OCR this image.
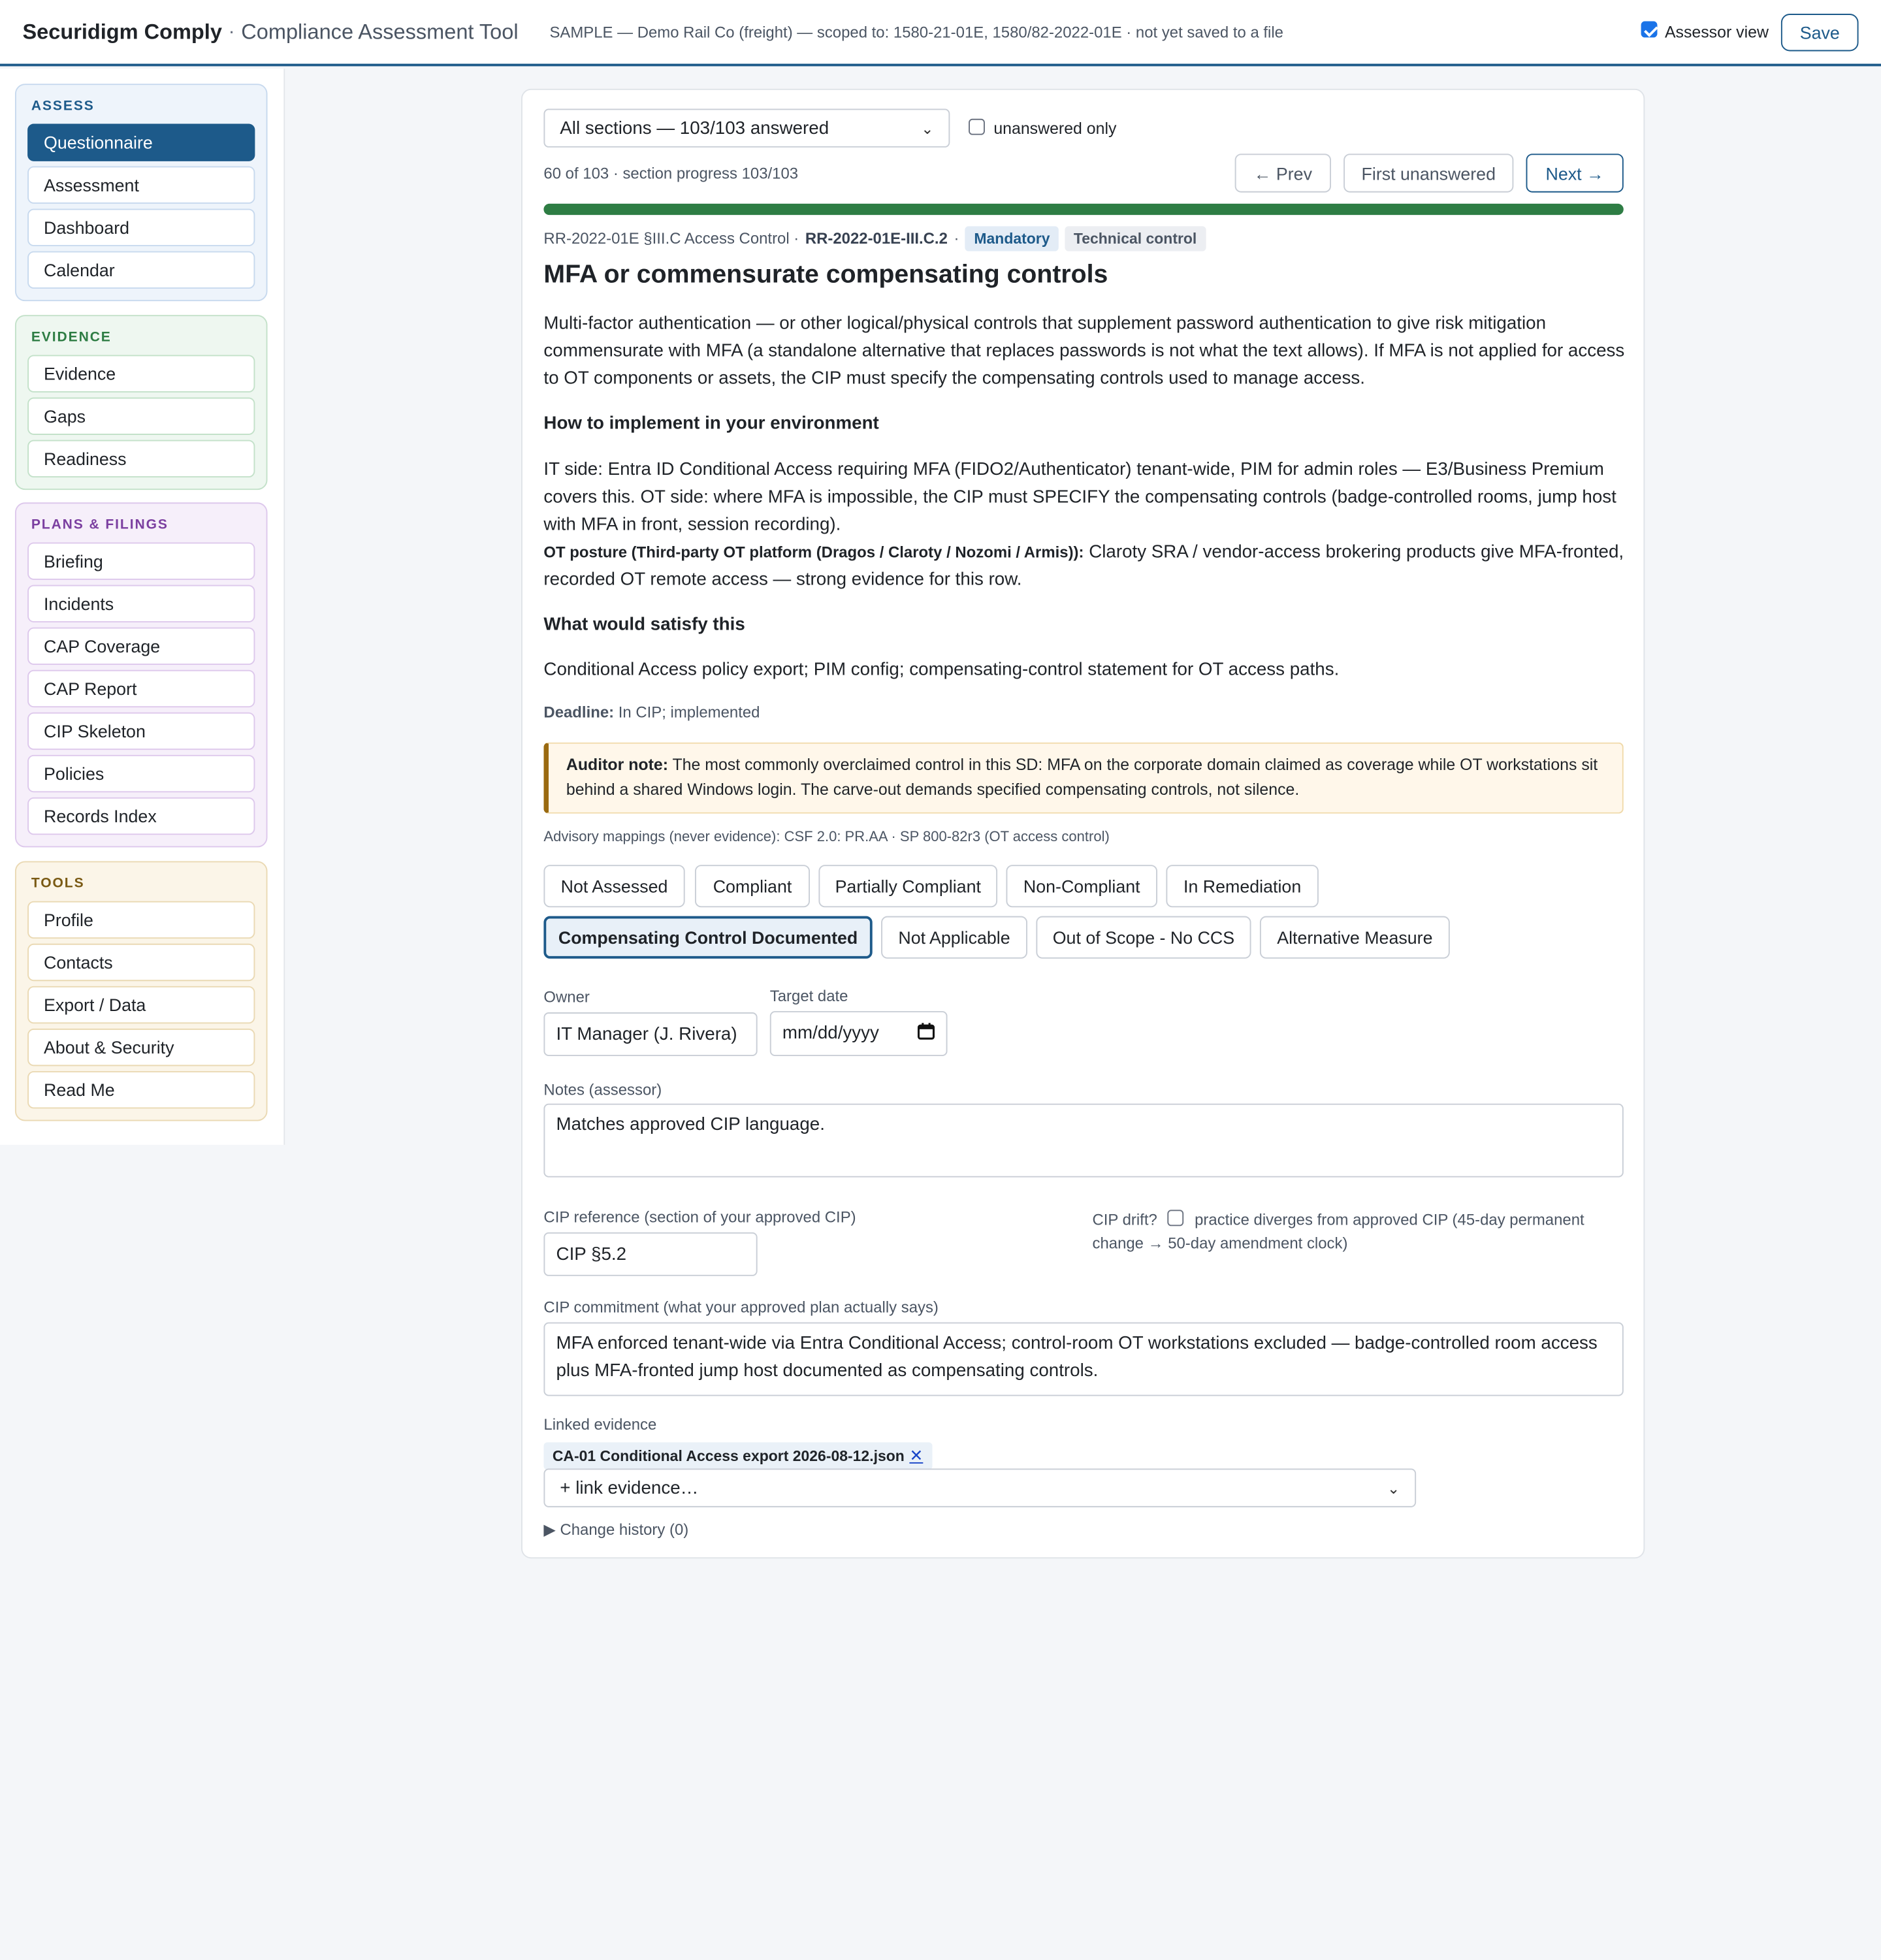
Securidigm Comply · Compliance Assessment Tool	SAMPLE — Demo Rail Co (freight) — scoped to: 1580-21-01E, 1580/82-2022-01E · not yet saved to a file	Assessor view	Save
ASSESS
Questionnaire
Assessment
Dashboard
Calendar
EVIDENCE
Evidence
Gaps
Readiness
PLANS & FILINGS
Briefing
Incidents
CAP Coverage
CAP Report
CIP Skeleton
Policies
Records Index
TOOLS
Profile
Contacts
Export / Data
About & Security
Read Me
All sections — 103/103 answered	⌄	unanswered only
60 of 103 · section progress 103/103	← Prev	First unanswered	Next →
RR-2022-01E §III.C Access Control · RR-2022-01E-III.C.2 ·	Mandatory	Technical control
MFA or commensurate compensating controls
Multi-factor authentication — or other logical/physical controls that supplement password authentication to give risk mitigation commensurate with MFA (a standalone alternative that replaces passwords is not what the text allows). If MFA is not applied for access to OT components or assets, the CIP must specify the compensating controls used to manage access.
How to implement in your environment
IT side: Entra ID Conditional Access requiring MFA (FIDO2/Authenticator) tenant-wide, PIM for admin roles — E3/Business Premium covers this. OT side: where MFA is impossible, the CIP must SPECIFY the compensating controls (badge-controlled rooms, jump host with MFA in front, session recording).
OT posture (Third-party OT platform (Dragos / Claroty / Nozomi / Armis)): Claroty SRA / vendor-access brokering products give MFA-fronted, recorded OT remote access — strong evidence for this row.
What would satisfy this
Conditional Access policy export; PIM config; compensating-control statement for OT access paths.
Deadline: In CIP; implemented
Auditor note: The most commonly overclaimed control in this SD: MFA on the corporate domain claimed as coverage while OT workstations sit behind a shared Windows login. The carve-out demands specified compensating controls, not silence.
Advisory mappings (never evidence): CSF 2.0: PR.AA · SP 800-82r3 (OT access control)
Not Assessed	Compliant	Partially Compliant	Non-Compliant	In Remediation
Compensating Control Documented	Not Applicable	Out of Scope - No CCS	Alternative Measure
Owner
IT Manager (J. Rivera)
Target date
mm/dd/yyyy
Notes (assessor)
Matches approved CIP language.
CIP reference (section of your approved CIP)
CIP §5.2
CIP drift?	practice diverges from approved CIP (45-day permanent change → 50-day amendment clock)
CIP commitment (what your approved plan actually says)
MFA enforced tenant-wide via Entra Conditional Access; control-room OT workstations excluded — badge-controlled room access plus MFA-fronted jump host documented as compensating controls.
Linked evidence
CA-01 Conditional Access export 2026-08-12.json ✕
+ link evidence…	⌄
▶ Change history (0)
